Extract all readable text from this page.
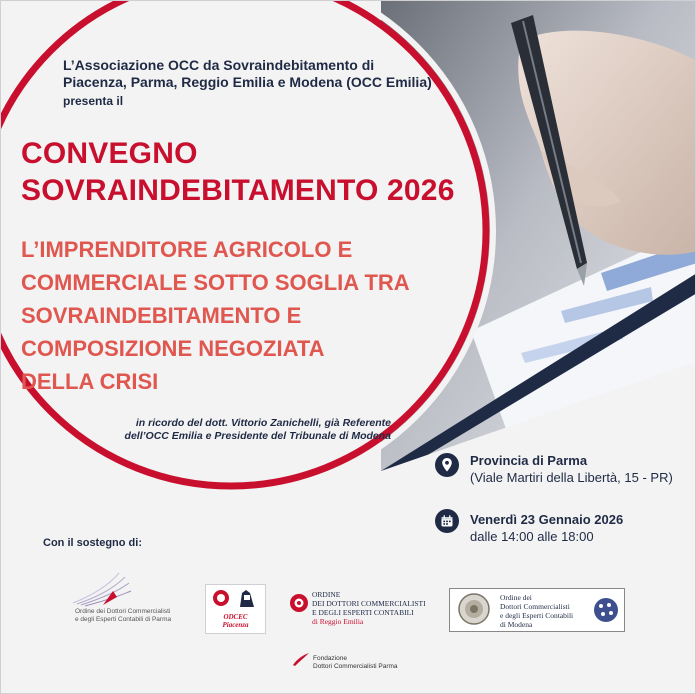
L’Associazione OCC da Sovraindebitamento di
Piacenza, Parma, Reggio Emilia e Modena (OCC Emilia)
presenta il
CONVEGNO
SOVRAINDEBITAMENTO 2026
L’IMPRENDITORE AGRICOLO E
COMMERCIALE SOTTO SOGLIA TRA
SOVRAINDEBITAMENTO E
COMPOSIZIONE NEGOZIATA
DELLA CRISI
in ricordo del dott. Vittorio Zanichelli, già Referente
dell’OCC Emilia e Presidente del Tribunale di Modena
Provincia di Parma
(Viale Martiri della Libertà, 15 - PR)
Venerdì 23 Gennaio 2026
dalle 14:00 alle 18:00
Con il sostegno di:
Ordine dei Dottori Commercialisti
e degli Esperti Contabili di Parma	ODCEC
Piacenza
ORDINE
DEI DOTTORI COMMERCIALISTI
E DEGLI ESPERTI CONTABILI
di Reggio Emilia
Ordine dei
Dottori Commercialisti
e degli Esperti Contabili
di Modena
Fondazione
Dottori Commercialisti Parma
